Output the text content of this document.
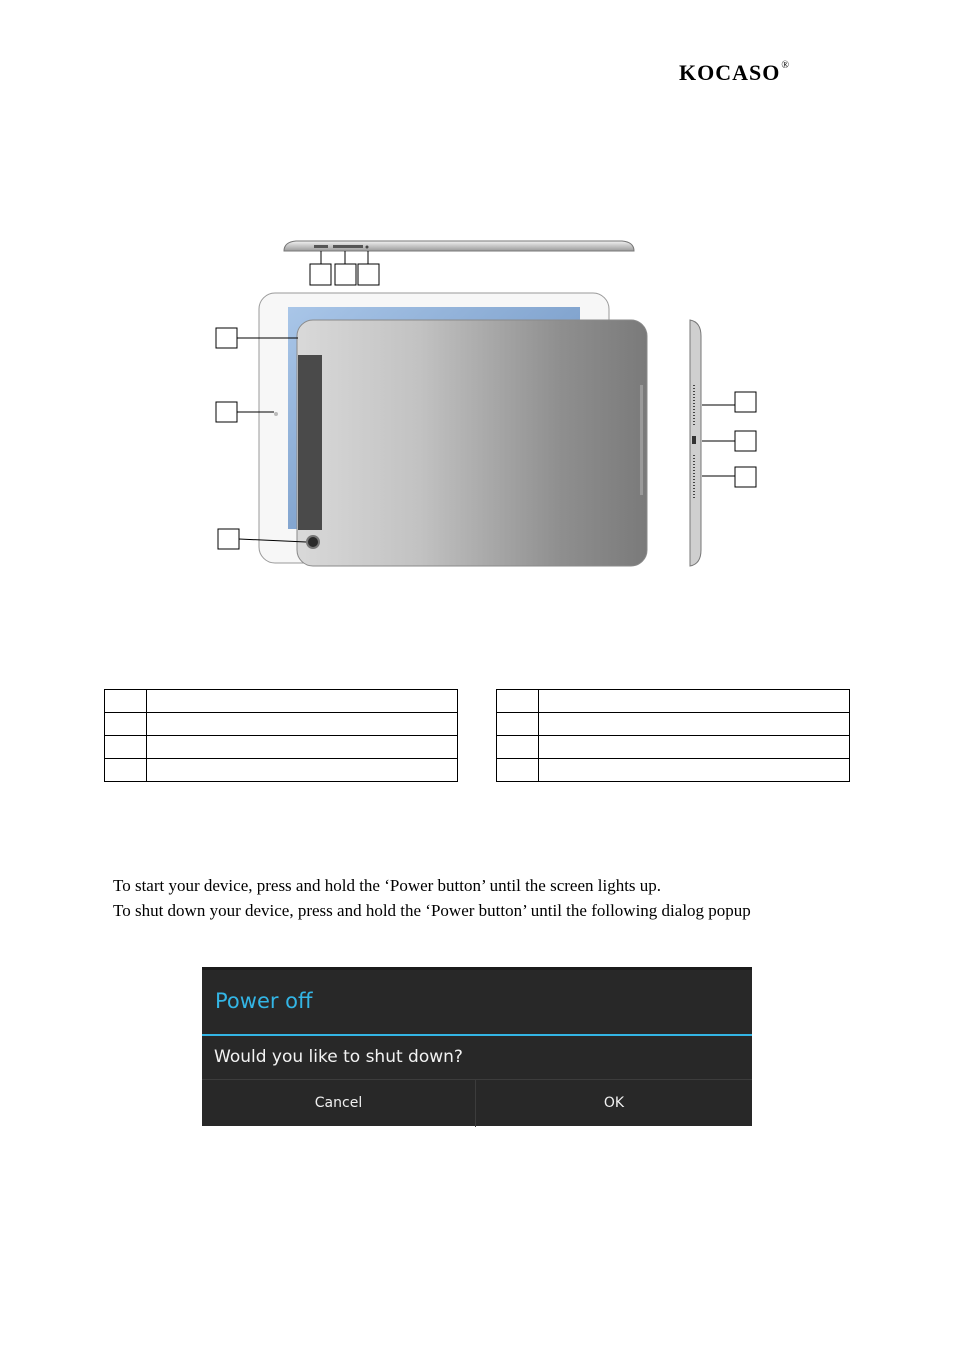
KOCASO®

To start your device, press and hold the ‘Power button’ until the screen lights up.
To shut down your device, press and hold the ‘Power button’ until the following dialog popup
Power off
Would you like to shut down?
Cancel	OK
